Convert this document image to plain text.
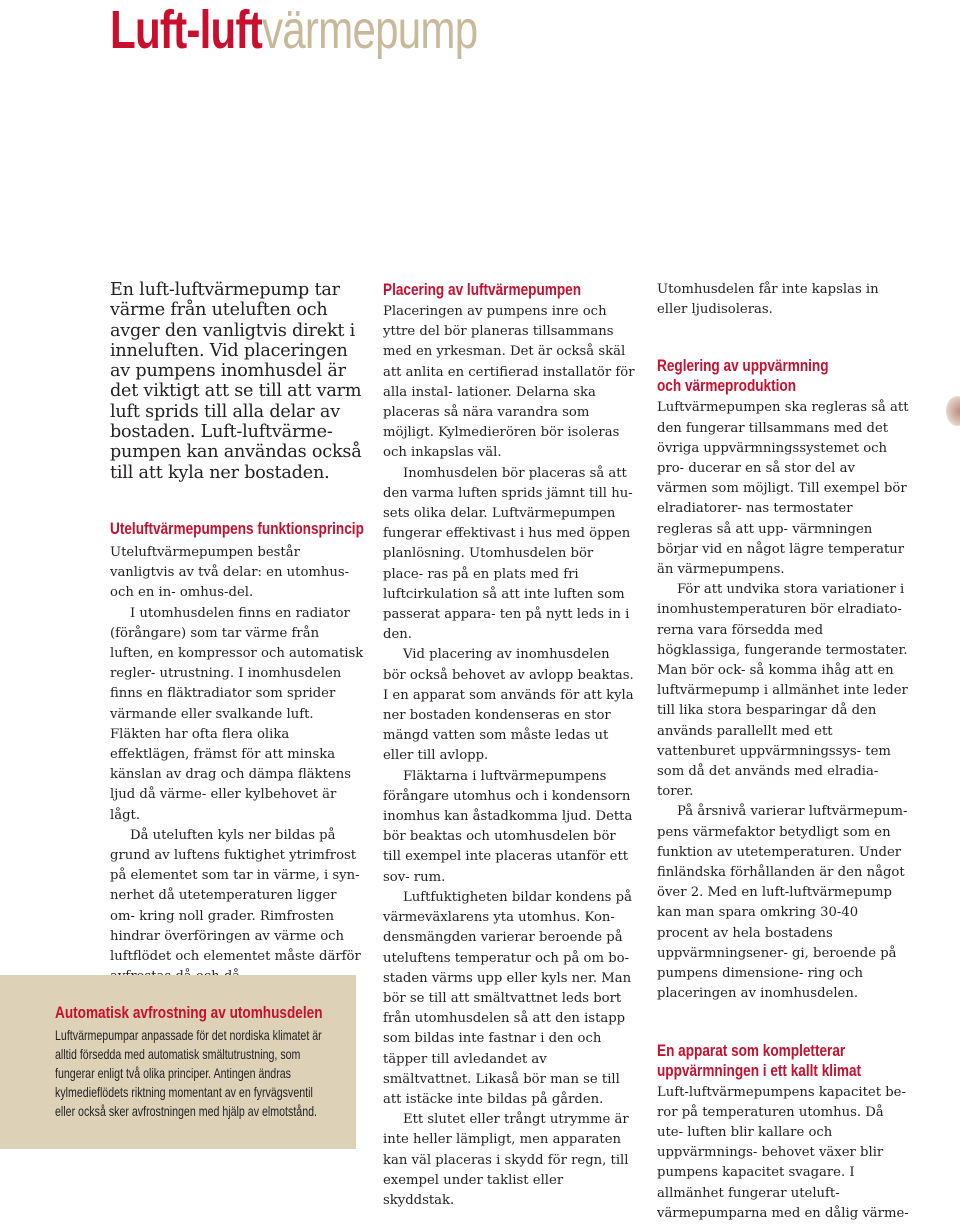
Luft-luftvärmepump

En luft-luftvärmepump tar värme från uteluften och avger den vanligtvis direkt i inneluften. Vid placeringen av pumpens inomhusdel är det viktigt att se till att varm luft sprids till alla delar av bostaden. Luft-luftvärme- pumpen kan användas också till att kyla ner bostaden.

Uteluftvärmepumpens funktionsprincip

Uteluftvärmepumpen består vanligtvis av två delar: en utomhus- och en in- omhus-del.

I utomhusdelen finns en radiator (förångare) som tar värme från luften, en kompressor och automatisk regler- utrustning. I inomhusdelen finns en fläktradiator som sprider värmande eller svalkande luft. Fläkten har ofta flera olika effektlägen, främst för att minska känslan av drag och dämpa fläktens ljud då värme- eller kylbehovet är lågt.

Då uteluften kyls ner bildas på grund av luftens fuktighet ytrimfrost på elementet som tar in värme, i syn- nerhet då utetemperaturen ligger om- kring noll grader. Rimfrosten hindrar överföringen av värme och luftflödet och elementet måste därför

Automatisk avfrostning av utomhusdelen
Luftvärmepumpar anpassade för det nordiska klimatet är
alltid försedda med automatisk smältutrustning, som
fungerar enligt två olika principer. Antingen ändras
kylmedieflödets riktning momentant av en fyrvägsventil
eller också sker avfrostningen med hjälp av elmotstånd.
Placering av luftvärmepumpen

Placeringen av pumpens inre och yttre del bör planeras tillsammans med en yrkesman. Det är också skäl att anlita en certifierad installatör för alla instal- lationer. Delarna ska placeras så nära varandra som möjligt. Kylmedierören bör isoleras och inkapslas väl.

Inomhusdelen bör placeras så att den varma luften sprids jämnt till hu- sets olika delar. Luftvärmepumpen fungerar effektivast i hus med öppen planlösning. Utomhusdelen bör place- ras på en plats med fri luftcirkulation så att inte luften som passerat appara- ten på nytt leds in i den.

Vid placering av inomhusdelen bör också behovet av avlopp beaktas. I en apparat som används för att kyla ner bostaden kondenseras en stor mängd vatten som måste ledas ut eller till avlopp.

Fläktarna i luftvärmepumpens förångare utomhus och i kondensorn inomhus kan åstadkomma ljud. Detta bör beaktas och utomhusdelen bör till exempel inte placeras utanför ett sov- rum.

Luftfuktigheten bildar kondens på värmeväxlarens yta utomhus. Kon- densmängden varierar beroende på uteluftens temperatur och på om bo- staden värms upp eller kyls ner. Man bör se till att smältvattnet leds bort från utomhusdelen så att den istapp som bildas inte fastnar i den och täpper till avledandet av smältvattnet. Likaså bör man se till att istäcke inte bildas på gården.

Ett slutet eller trångt utrymme är inte heller lämpligt, men apparaten kan väl placeras i skydd för regn, till exempel under taklist eller skyddstak.

Utomhusdelen får inte kapslas in eller ljudisoleras.

Reglering av uppvärmning
och värmeproduktion

Luftvärmepumpen ska regleras så att den fungerar tillsammans med det övriga uppvärmningssystemet och pro- ducerar en så stor del av värmen som möjligt. Till exempel bör elradiatorer- nas termostater regleras så att upp- värmningen börjar vid en något lägre temperatur än värmepumpens.

För att undvika stora variationer i inomhustemperaturen bör elradiato- rerna vara försedda med högklassiga, fungerande termostater. Man bör ock- så komma ihåg att en luftvärmepump i allmänhet inte leder till lika stora besparingar då den används parallellt med ett vattenburet uppvärmningssys- tem som då det används med elradia- torer.

På årsnivå varierar luftvärmepum- pens värmefaktor betydligt som en funktion av utetemperaturen. Under finländska förhållanden är den något över 2. Med en luft-luftvärmepump kan man spara omkring 30-40 procent av hela bostadens uppvärmningsener- gi, beroende på pumpens dimensione- ring och placeringen av inomhusdelen.

En apparat som kompletterar
uppvärmningen i ett kallt klimat

Luft-luftvärmepumpens kapacitet be- ror på temperaturen utomhus. Då ute- luften blir kallare och uppvärmnings- behovet växer blir pumpens kapacitet svagare. I allmänhet fungerar uteluft- värmepumparna med en dålig värme-
